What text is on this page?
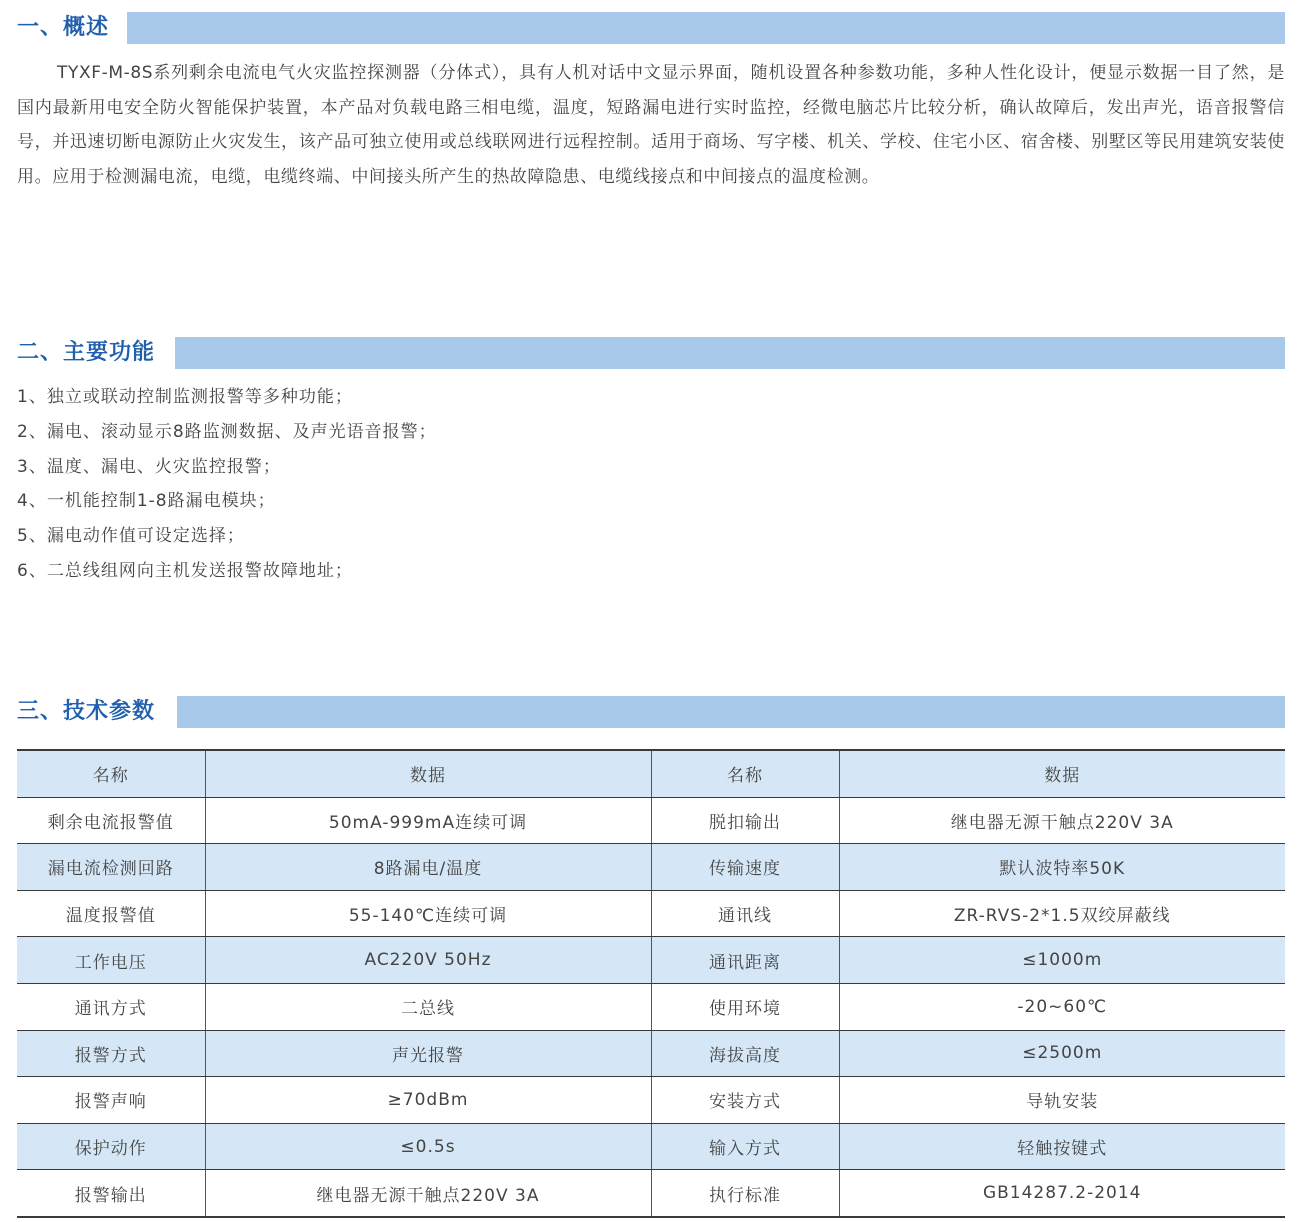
一、概述

TYXF-M-8S系列剩余电流电气火灾监控探测器（分体式），具有人机对话中文显示界面，随机设置各种参数功能，多种人性化设计，便显示数据一目了然，是国内最新用电安全防火智能保护装置，本产品对负载电路三相电缆，温度，短路漏电进行实时监控，经微电脑芯片比较分析，确认故障后，发出声光，语音报警信号，并迅速切断电源防止火灾发生，该产品可独立使用或总线联网进行远程控制。适用于商场、写字楼、机关、学校、住宅小区、宿舍楼、别墅区等民用建筑安装使用。应用于检测漏电流，电缆，电缆终端、中间接头所产生的热故障隐患、电缆线接点和中间接点的温度检测。

二、主要功能
1、独立或联动控制监测报警等多种功能；
2、漏电、滚动显示8路监测数据、及声光语音报警；
3、温度、漏电、火灾监控报警；
4、一机能控制1-8路漏电模块；
5、漏电动作值可设定选择；
6、二总线组网向主机发送报警故障地址；
三、技术参数
名称	数据	名称	数据
剩余电流报警值	50mA-999mA连续可调	脱扣输出	继电器无源干触点220V 3A
漏电流检测回路	8路漏电/温度	传输速度	默认波特率50K
温度报警值	55-140℃连续可调	通讯线	ZR-RVS-2*1.5双绞屏蔽线
工作电压	AC220V 50Hz	通讯距离	≤1000m
通讯方式	二总线	使用环境	-20~60℃
报警方式	声光报警	海拔高度	≤2500m
报警声响	≥70dBm	安装方式	导轨安装
保护动作	≤0.5s	输入方式	轻触按键式
报警输出	继电器无源干触点220V 3A	执行标准	GB14287.2-2014
